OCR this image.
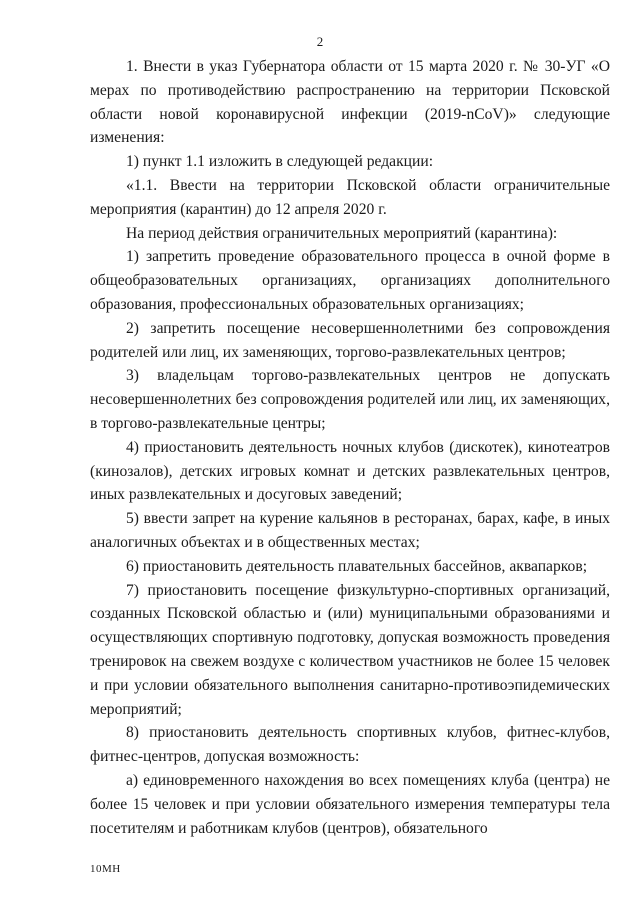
2

1. Внести в указ Губернатора области от 15 марта 2020 г. № 30-УГ «О мерах по противодействию распространению на территории Псковской области новой коронавирусной инфекции (2019-nCoV)» следующие изменения:

1) пункт 1.1 изложить в следующей редакции:

«1.1. Ввести на территории Псковской области ограничительные мероприятия (карантин) до 12 апреля 2020 г.

На период действия ограничительных мероприятий (карантина):

1) запретить проведение образовательного процесса в очной форме в общеобразовательных организациях, организациях дополнительного образования, профессиональных образовательных организациях;

2) запретить посещение несовершеннолетними без сопровождения родителей или лиц, их заменяющих, торгово-развлекательных центров;

3) владельцам торгово-развлекательных центров не допускать несовершеннолетних без сопровождения родителей или лиц, их заменяющих, в торгово-развлекательные центры;

4) приостановить деятельность ночных клубов (дискотек), кинотеатров (кинозалов), детских игровых комнат и детских развлекательных центров, иных развлекательных и досуговых заведений;

5) ввести запрет на курение кальянов в ресторанах, барах, кафе, в иных аналогичных объектах и в общественных местах;

6) приостановить деятельность плавательных бассейнов, аквапарков;

7) приостановить посещение физкультурно-спортивных организаций, созданных Псковской областью и (или) муниципальными образованиями и осуществляющих спортивную подготовку, допуская возможность проведения тренировок на свежем воздухе с количеством участников не более 15 человек и при условии обязательного выполнения санитарно-противоэпидемических мероприятий;

8) приостановить деятельность спортивных клубов, фитнес-клубов, фитнес-центров, допуская возможность:

а) единовременного нахождения во всех помещениях клуба (центра) не более 15 человек и при условии обязательного измерения температуры тела посетителям и работникам клубов (центров), обязательного

10МН
